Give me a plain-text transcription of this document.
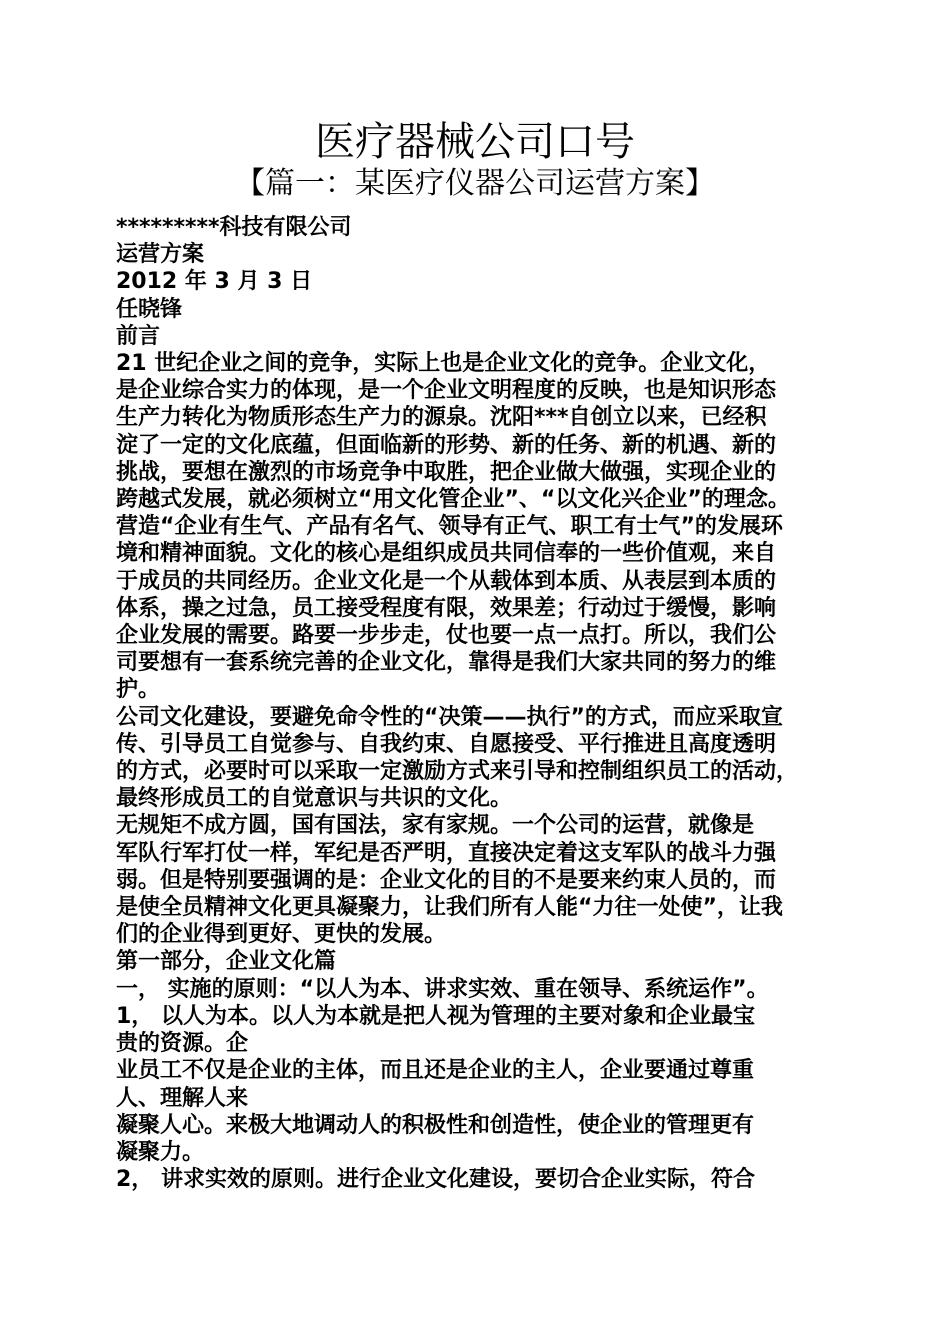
医疗器械公司口号
【篇一：某医疗仪器公司运营方案】

*********科技有限公司

运营方案

2012 年 3 月 3 日

任晓锋

前言

21 世纪企业之间的竞争，实际上也是企业文化的竞争。企业文化，

是企业综合实力的体现，是一个企业文明程度的反映，也是知识形态

生产力转化为物质形态生产力的源泉。沈阳***自创立以来，已经积

淀了一定的文化底蕴，但面临新的形势、新的任务、新的机遇、新的

挑战，要想在激烈的市场竞争中取胜，把企业做大做强，实现企业的

跨越式发展，就必须树立“用文化管企业”、“以文化兴企业”的理念。

营造“企业有生气、产品有名气、领导有正气、职工有士气”的发展环

境和精神面貌。文化的核心是组织成员共同信奉的一些价值观，来自

于成员的共同经历。企业文化是一个从载体到本质、从表层到本质的

体系，操之过急，员工接受程度有限，效果差；行动过于缓慢，影响

企业发展的需要。路要一步步走，仗也要一点一点打。所以，我们公

司要想有一套系统完善的企业文化，靠得是我们大家共同的努力的维

护。

公司文化建设，要避免命令性的“决策——执行”的方式，而应采取宣

传、引导员工自觉参与、自我约束、自愿接受、平行推进且高度透明

的方式，必要时可以采取一定激励方式来引导和控制组织员工的活动，

最终形成员工的自觉意识与共识的文化。

无规矩不成方圆，国有国法，家有家规。一个公司的运营，就像是

军队行军打仗一样，军纪是否严明，直接决定着这支军队的战斗力强

弱。但是特别要强调的是：企业文化的目的不是要来约束人员的，而

是使全员精神文化更具凝聚力，让我们所有人能“力往一处使”，让我

们的企业得到更好、更快的发展。

第一部分，企业文化篇

一， 实施的原则：“以人为本、讲求实效、重在领导、系统运作”。

1， 以人为本。以人为本就是把人视为管理的主要对象和企业最宝

贵的资源。企

业员工不仅是企业的主体，而且还是企业的主人，企业要通过尊重

人、理解人来

凝聚人心。来极大地调动人的积极性和创造性，使企业的管理更有

凝聚力。

2， 讲求实效的原则。进行企业文化建设，要切合企业实际，符合
